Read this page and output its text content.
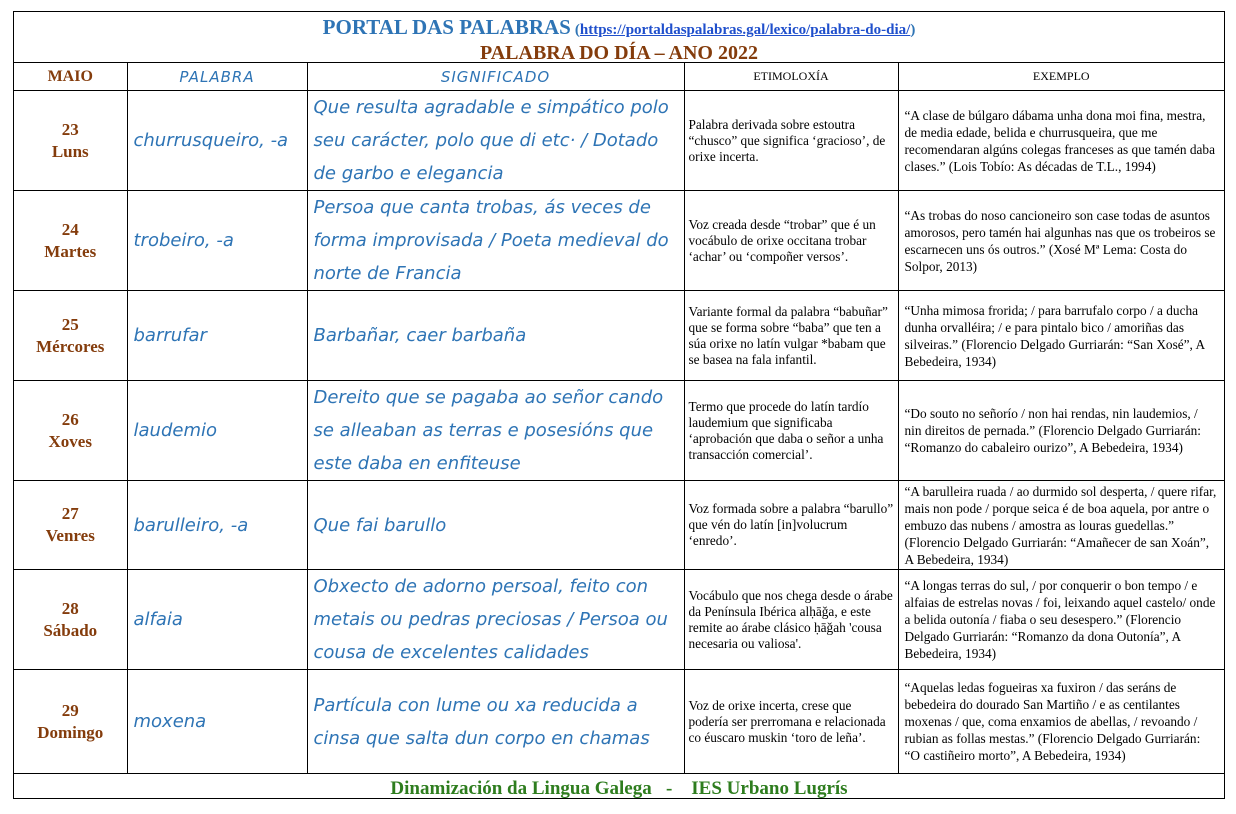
PORTAL DAS PALABRAS (https://portaldaspalabras.gal/lexico/palabra-do-dia/)
PALABRA DO DÍA – ANO 2022
MAIO	PALABRA	SIGNIFICADO	ETIMOLOXÍA	EXEMPLO
23
Luns	churrusqueiro, -a	Que resulta agradable e simpático polo seu carácter, polo que di etc· / Dotado de garbo e elegancia	Palabra derivada sobre estoutra “chusco” que significa ‘gracioso’, de orixe incerta.	“A clase de búlgaro dábama unha dona moi fina, mestra, de media edade, belida e churrusqueira, que me recomendaran algúns colegas franceses as que tamén daba clases.” (Lois Tobío: As décadas de T.L., 1994)
24
Martes	trobeiro, -a	Persoa que canta trobas, ás veces de forma improvisada / Poeta medieval do norte de Francia	Voz creada desde “trobar” que é un vocábulo de orixe occitana trobar ‘achar’ ou ‘compoñer versos’.	“As trobas do noso cancioneiro son case todas de asuntos amorosos, pero tamén hai algunhas nas que os trobeiros se escarnecen uns ós outros.” (Xosé Mª Lema: Costa do Solpor, 2013)
25
Mércores	barrufar	Barbañar, caer barbaña	Variante formal da palabra “babuñar” que se forma sobre “baba” que ten a súa orixe no latín vulgar *babam que se basea na fala infantil.	“Unha mimosa frorida; / para barrufalo corpo / a ducha dunha orvalléira; / e para pintalo bico / amoriñas das silveiras.” (Florencio Delgado Gurriarán: “San Xosé”, A Bebedeira, 1934)
26
Xoves	laudemio	Dereito que se pagaba ao señor cando se alleaban as terras e posesións que este daba en enfiteuse	Termo que procede do latín tardío laudemium que significaba ‘aprobación que daba o señor a unha transacción comercial’.	“Do souto no señorío / non hai rendas, nin laudemios, / nin direitos de pernada.” (Florencio Delgado Gurriarán: “Romanzo do cabaleiro ourizo”, A Bebedeira, 1934)
27
Venres	barulleiro, -a	Que fai barullo	Voz formada sobre a palabra “barullo” que vén do latín [in]volucrum ‘enredo’.	“A barulleira ruada / ao durmido sol desperta, / quere rifar, mais non pode / porque seica é de boa aquela, por antre o embuzo das nubens / amostra as louras guedellas.” (Florencio Delgado Gurriarán: “Amañecer de san Xoán”, A Bebedeira, 1934)
28
Sábado	alfaia	Obxecto de adorno persoal, feito con metais ou pedras preciosas / Persoa ou cousa de excelentes calidades	Vocábulo que nos chega desde o árabe da Península Ibérica alḥāǧa, e este remite ao árabe clásico ḥāǧah 'cousa necesaria ou valiosa'.	“A longas terras do sul, / por conquerir o bon tempo / e alfaias de estrelas novas / foi, leixando aquel castelo/ onde a belida outonía / fiaba o seu desespero.” (Florencio Delgado Gurriarán: “Romanzo da dona Outonía”, A Bebedeira, 1934)
29
Domingo	moxena	Partícula con lume ou xa reducida a cinsa que salta dun corpo en chamas	Voz de orixe incerta, crese que podería ser prerromana e relacionada co éuscaro muskin ‘toro de leña’.	“Aquelas ledas fogueiras xa fuxiron / das seráns de bebedeira do dourado San Martiño / e as centilantes moxenas / que, coma enxamios de abellas, / revoando / rubian as follas mestas.” (Florencio Delgado Gurriarán: “O castiñeiro morto”, A Bebedeira, 1934)
Dinamización da Lingua Galega - IES Urbano Lugrís				
